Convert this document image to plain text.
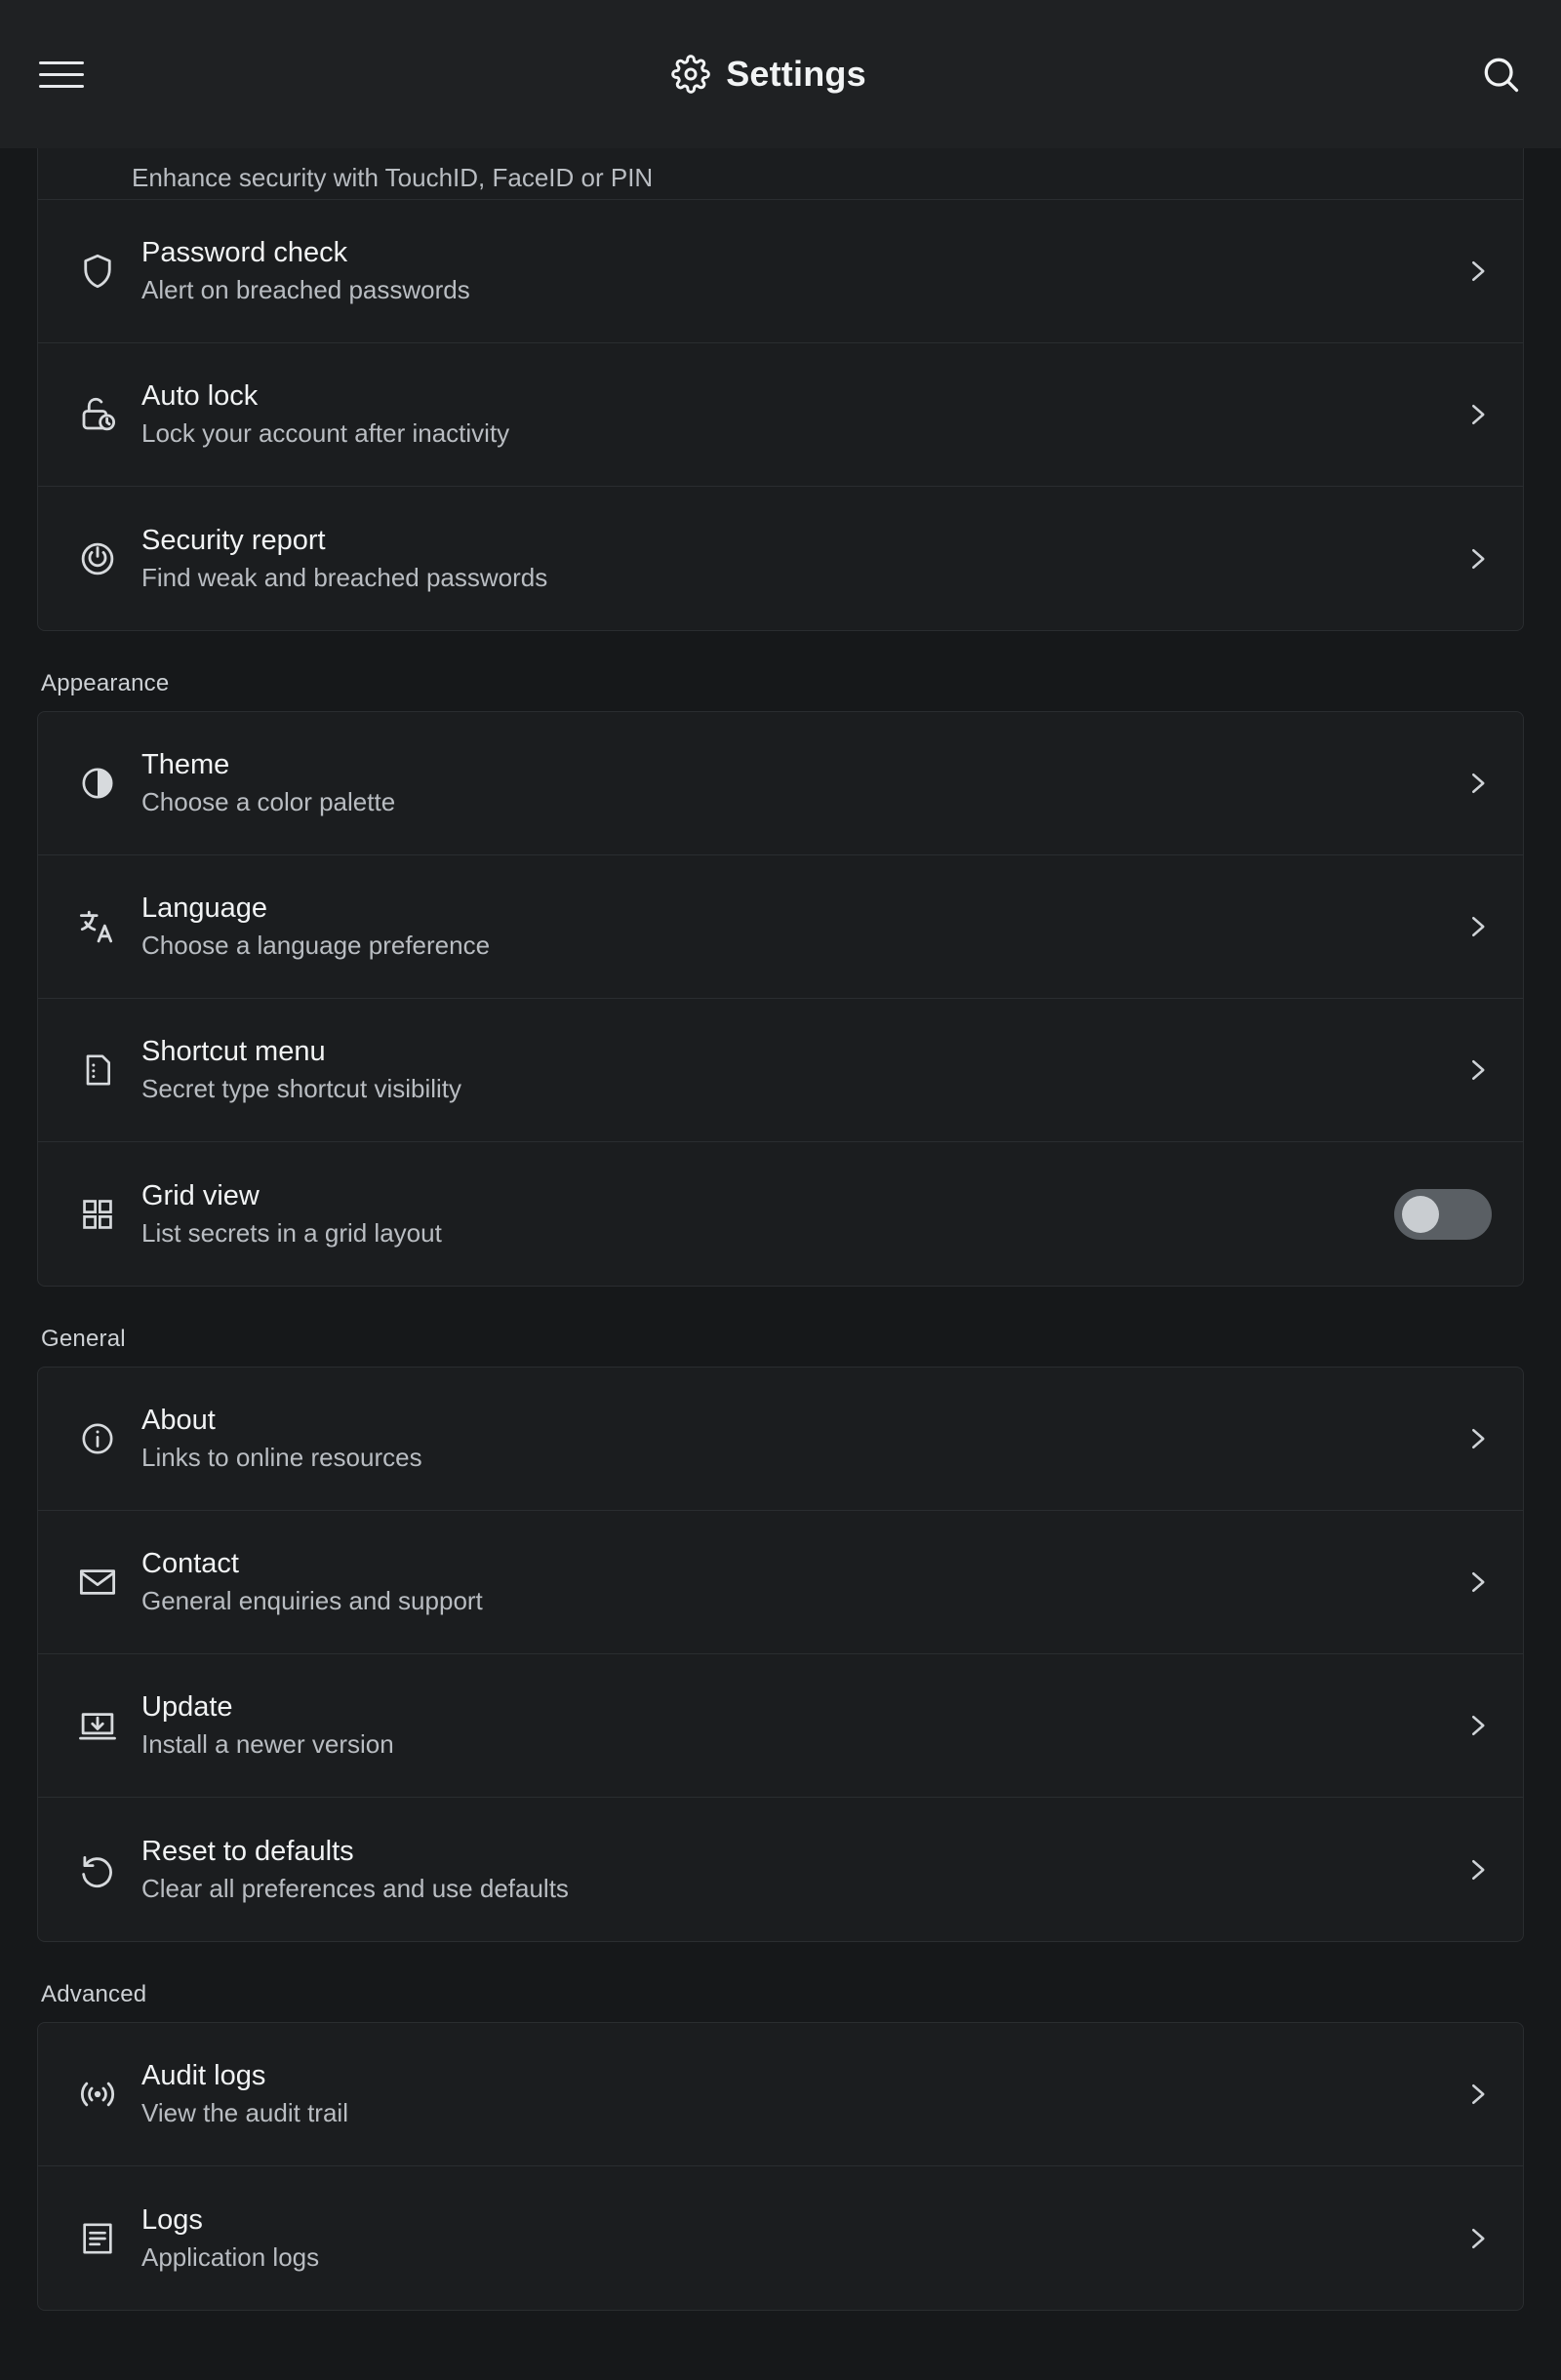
Settings
Enhance security with TouchID, FaceID or PIN
Password check
Alert on breached passwords
Auto lock
Lock your account after inactivity
Security report
Find weak and breached passwords
Appearance
Theme
Choose a color palette
Language
Choose a language preference
Shortcut menu
Secret type shortcut visibility
Grid view
List secrets in a grid layout
General
About
Links to online resources
Contact
General enquiries and support
Update
Install a newer version
Reset to defaults
Clear all preferences and use defaults
Advanced
Audit logs
View the audit trail
Logs
Application logs
